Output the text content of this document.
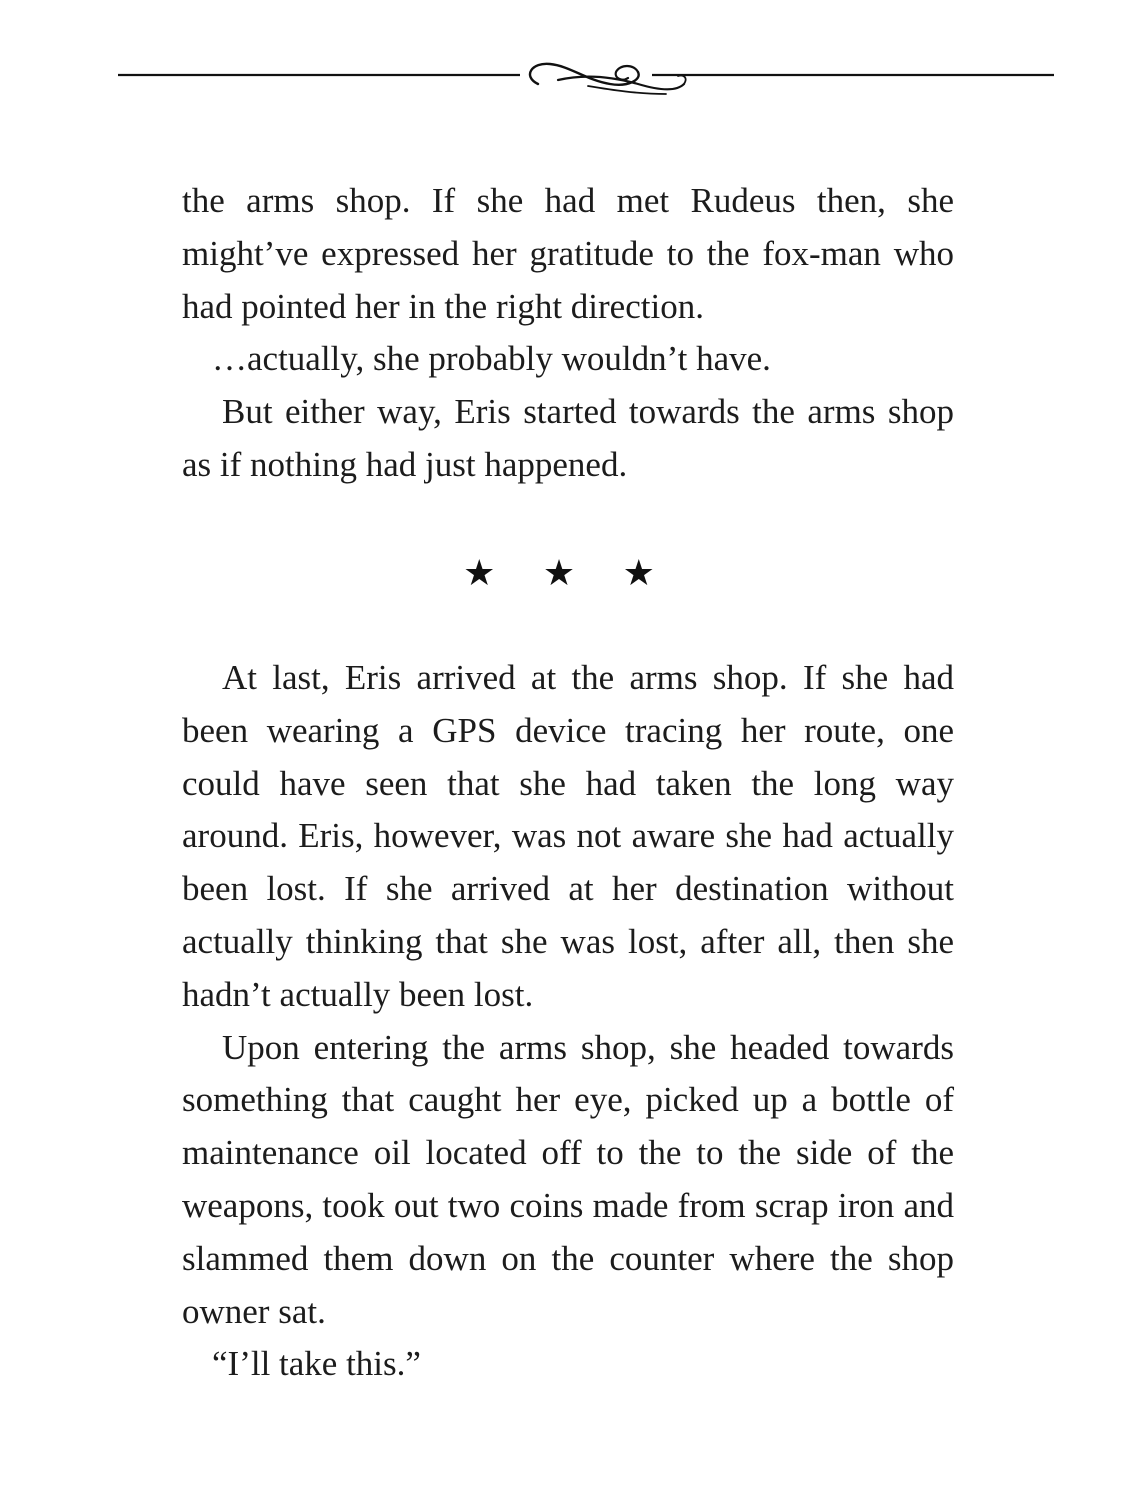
the arms shop. If she had met Rudeus then, she might’ve expressed her gratitude to the fox-man who had pointed her in the right direction.

…actually, she probably wouldn’t have.

But either way, Eris started towards the arms shop as if nothing had just happened.

★ ★ ★

At last, Eris arrived at the arms shop. If she had been wearing a GPS device tracing her route, one could have seen that she had taken the long way around. Eris, however, was not aware she had actually been lost. If she arrived at her destination without actually thinking that she was lost, after all, then she hadn’t actually been lost.

Upon entering the arms shop, she headed towards something that caught her eye, picked up a bottle of maintenance oil located off to the to the side of the weapons, took out two coins made from scrap iron and slammed them down on the counter where the shop owner sat.

“I’ll take this.”
